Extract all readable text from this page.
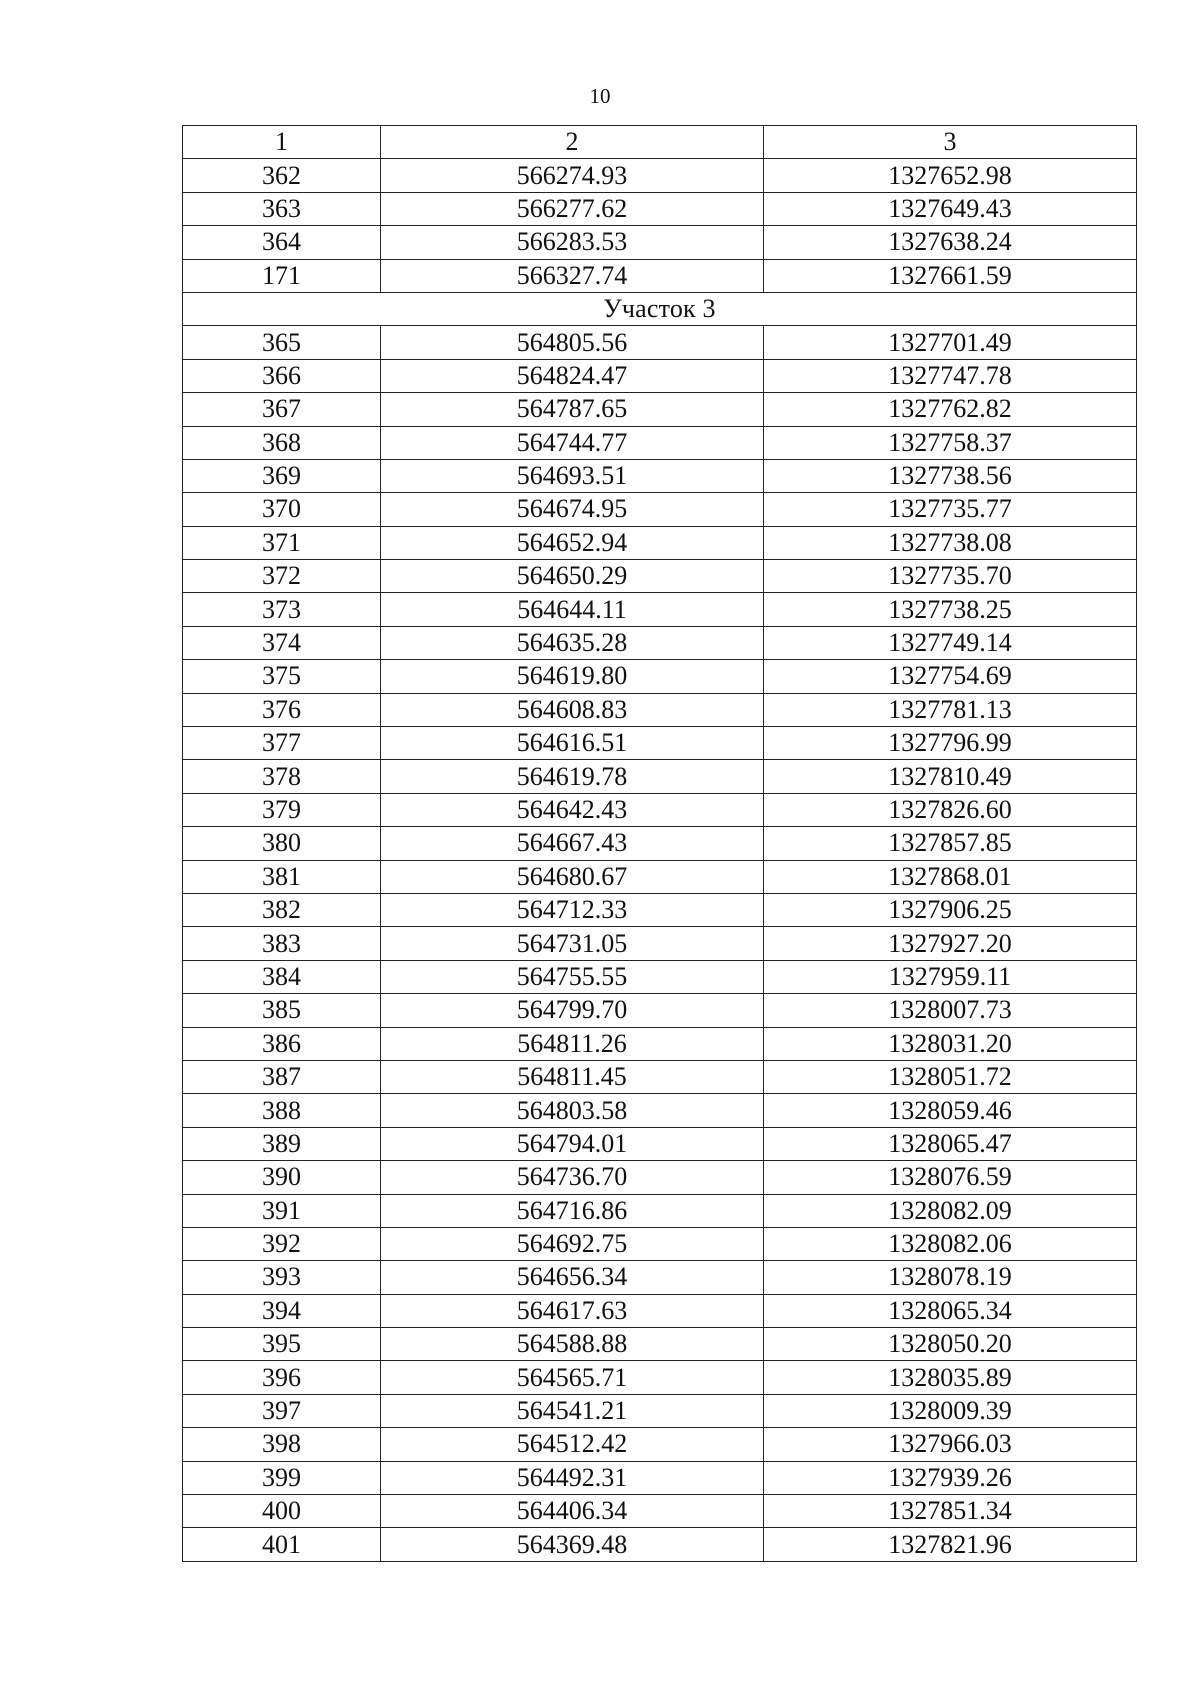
10
1	2	3
362	566274.93	1327652.98
363	566277.62	1327649.43
364	566283.53	1327638.24
171	566327.74	1327661.59
Участок 3		
365	564805.56	1327701.49
366	564824.47	1327747.78
367	564787.65	1327762.82
368	564744.77	1327758.37
369	564693.51	1327738.56
370	564674.95	1327735.77
371	564652.94	1327738.08
372	564650.29	1327735.70
373	564644.11	1327738.25
374	564635.28	1327749.14
375	564619.80	1327754.69
376	564608.83	1327781.13
377	564616.51	1327796.99
378	564619.78	1327810.49
379	564642.43	1327826.60
380	564667.43	1327857.85
381	564680.67	1327868.01
382	564712.33	1327906.25
383	564731.05	1327927.20
384	564755.55	1327959.11
385	564799.70	1328007.73
386	564811.26	1328031.20
387	564811.45	1328051.72
388	564803.58	1328059.46
389	564794.01	1328065.47
390	564736.70	1328076.59
391	564716.86	1328082.09
392	564692.75	1328082.06
393	564656.34	1328078.19
394	564617.63	1328065.34
395	564588.88	1328050.20
396	564565.71	1328035.89
397	564541.21	1328009.39
398	564512.42	1327966.03
399	564492.31	1327939.26
400	564406.34	1327851.34
401	564369.48	1327821.96
